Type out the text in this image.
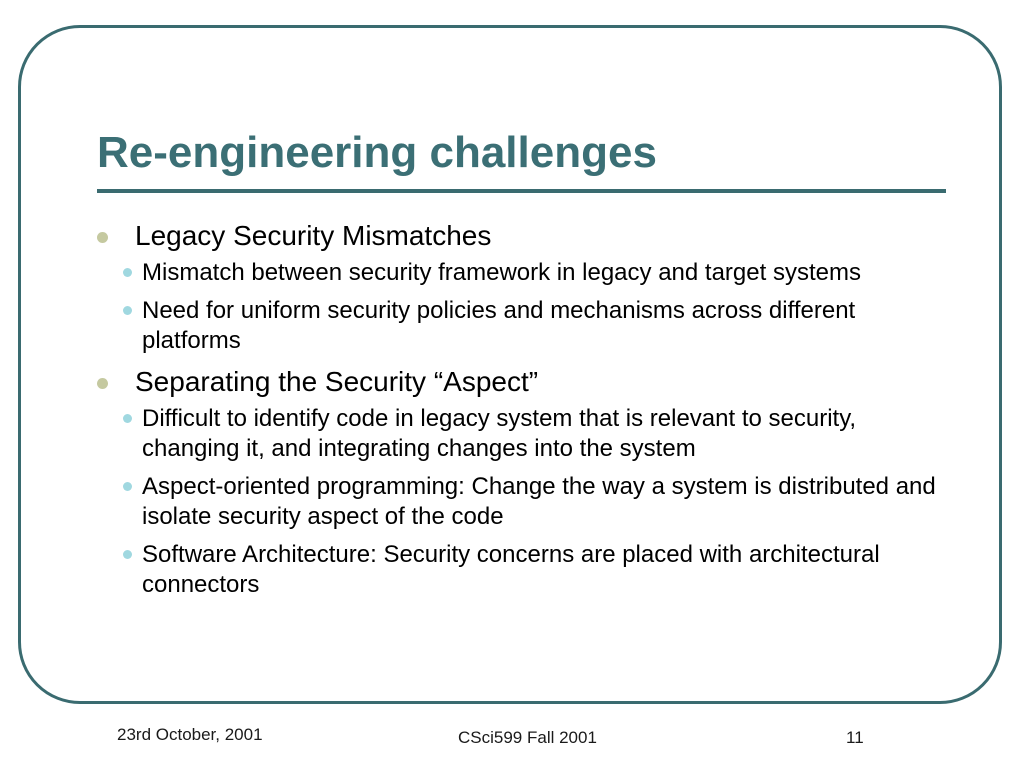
Re-engineering challenges
Legacy Security Mismatches
Mismatch between security framework in legacy and target systems
Need for uniform security policies and mechanisms across different platforms
Separating the Security “Aspect”
Difficult to identify code in legacy system that is relevant to security, changing it, and integrating changes into the system
Aspect-oriented programming: Change the way a system is distributed and isolate security aspect of the code
Software Architecture: Security concerns are placed with architectural connectors
23rd October, 2001	CSci599 Fall 2001	11
